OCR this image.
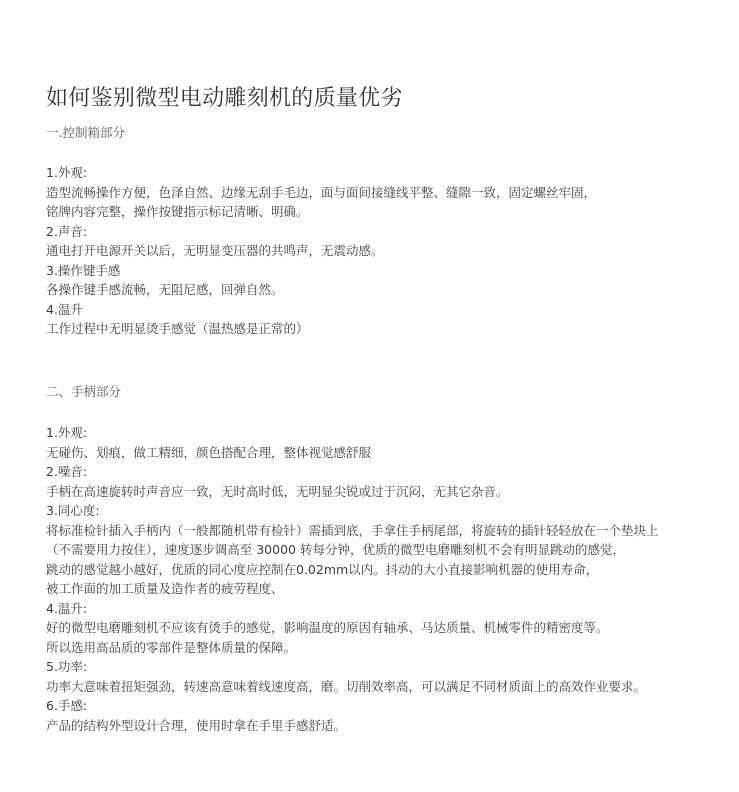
如何鉴别微型电动雕刻机的质量优劣
一.控制箱部分
1.外观:
造型流畅操作方便，色泽自然、边缘无刮手毛边，面与面间接缝线平整、缝隙一致，固定螺丝牢固，
铭牌内容完整，操作按键指示标记清晰、明确。
2.声音:
通电打开电源开关以后，无明显变压器的共鸣声，无震动感。
3.操作键手感
各操作键手感流畅，无阻尼感，回弹自然。
4.温升
工作过程中无明显烫手感觉（温热感是正常的）
二、手柄部分
1.外观:
无碰伤、划痕，做工精细，颜色搭配合理，整体视觉感舒服
2.噪音:
手柄在高速旋转时声音应一致，无时高时低，无明显尖锐或过于沉闷，无其它杂音。
3.同心度:
将标准检针插入手柄内（一般都随机带有检针）需插到底，手拿住手柄尾部，将旋转的插针轻轻放在一个垫块上
（不需要用力按住），速度逐步调高至 30000 转每分钟，优质的微型电磨雕刻机不会有明显跳动的感觉，
跳动的感觉越小越好，优质的同心度应控制在0.02mm以内。抖动的大小直接影响机器的使用寿命，
被工作面的加工质量及造作者的疲劳程度、
4.温升:
好的微型电磨雕刻机不应该有烫手的感觉，影响温度的原因有轴承、马达质量、机械零件的精密度等。
所以选用高品质的零部件是整体质量的保障。
5.功率:
功率大意味着扭矩强劲，转速高意味着线速度高，磨。切削效率高，可以满足不同材质面上的高效作业要求。
6.手感:
产品的结构外型设计合理，使用时拿在手里手感舒适。
